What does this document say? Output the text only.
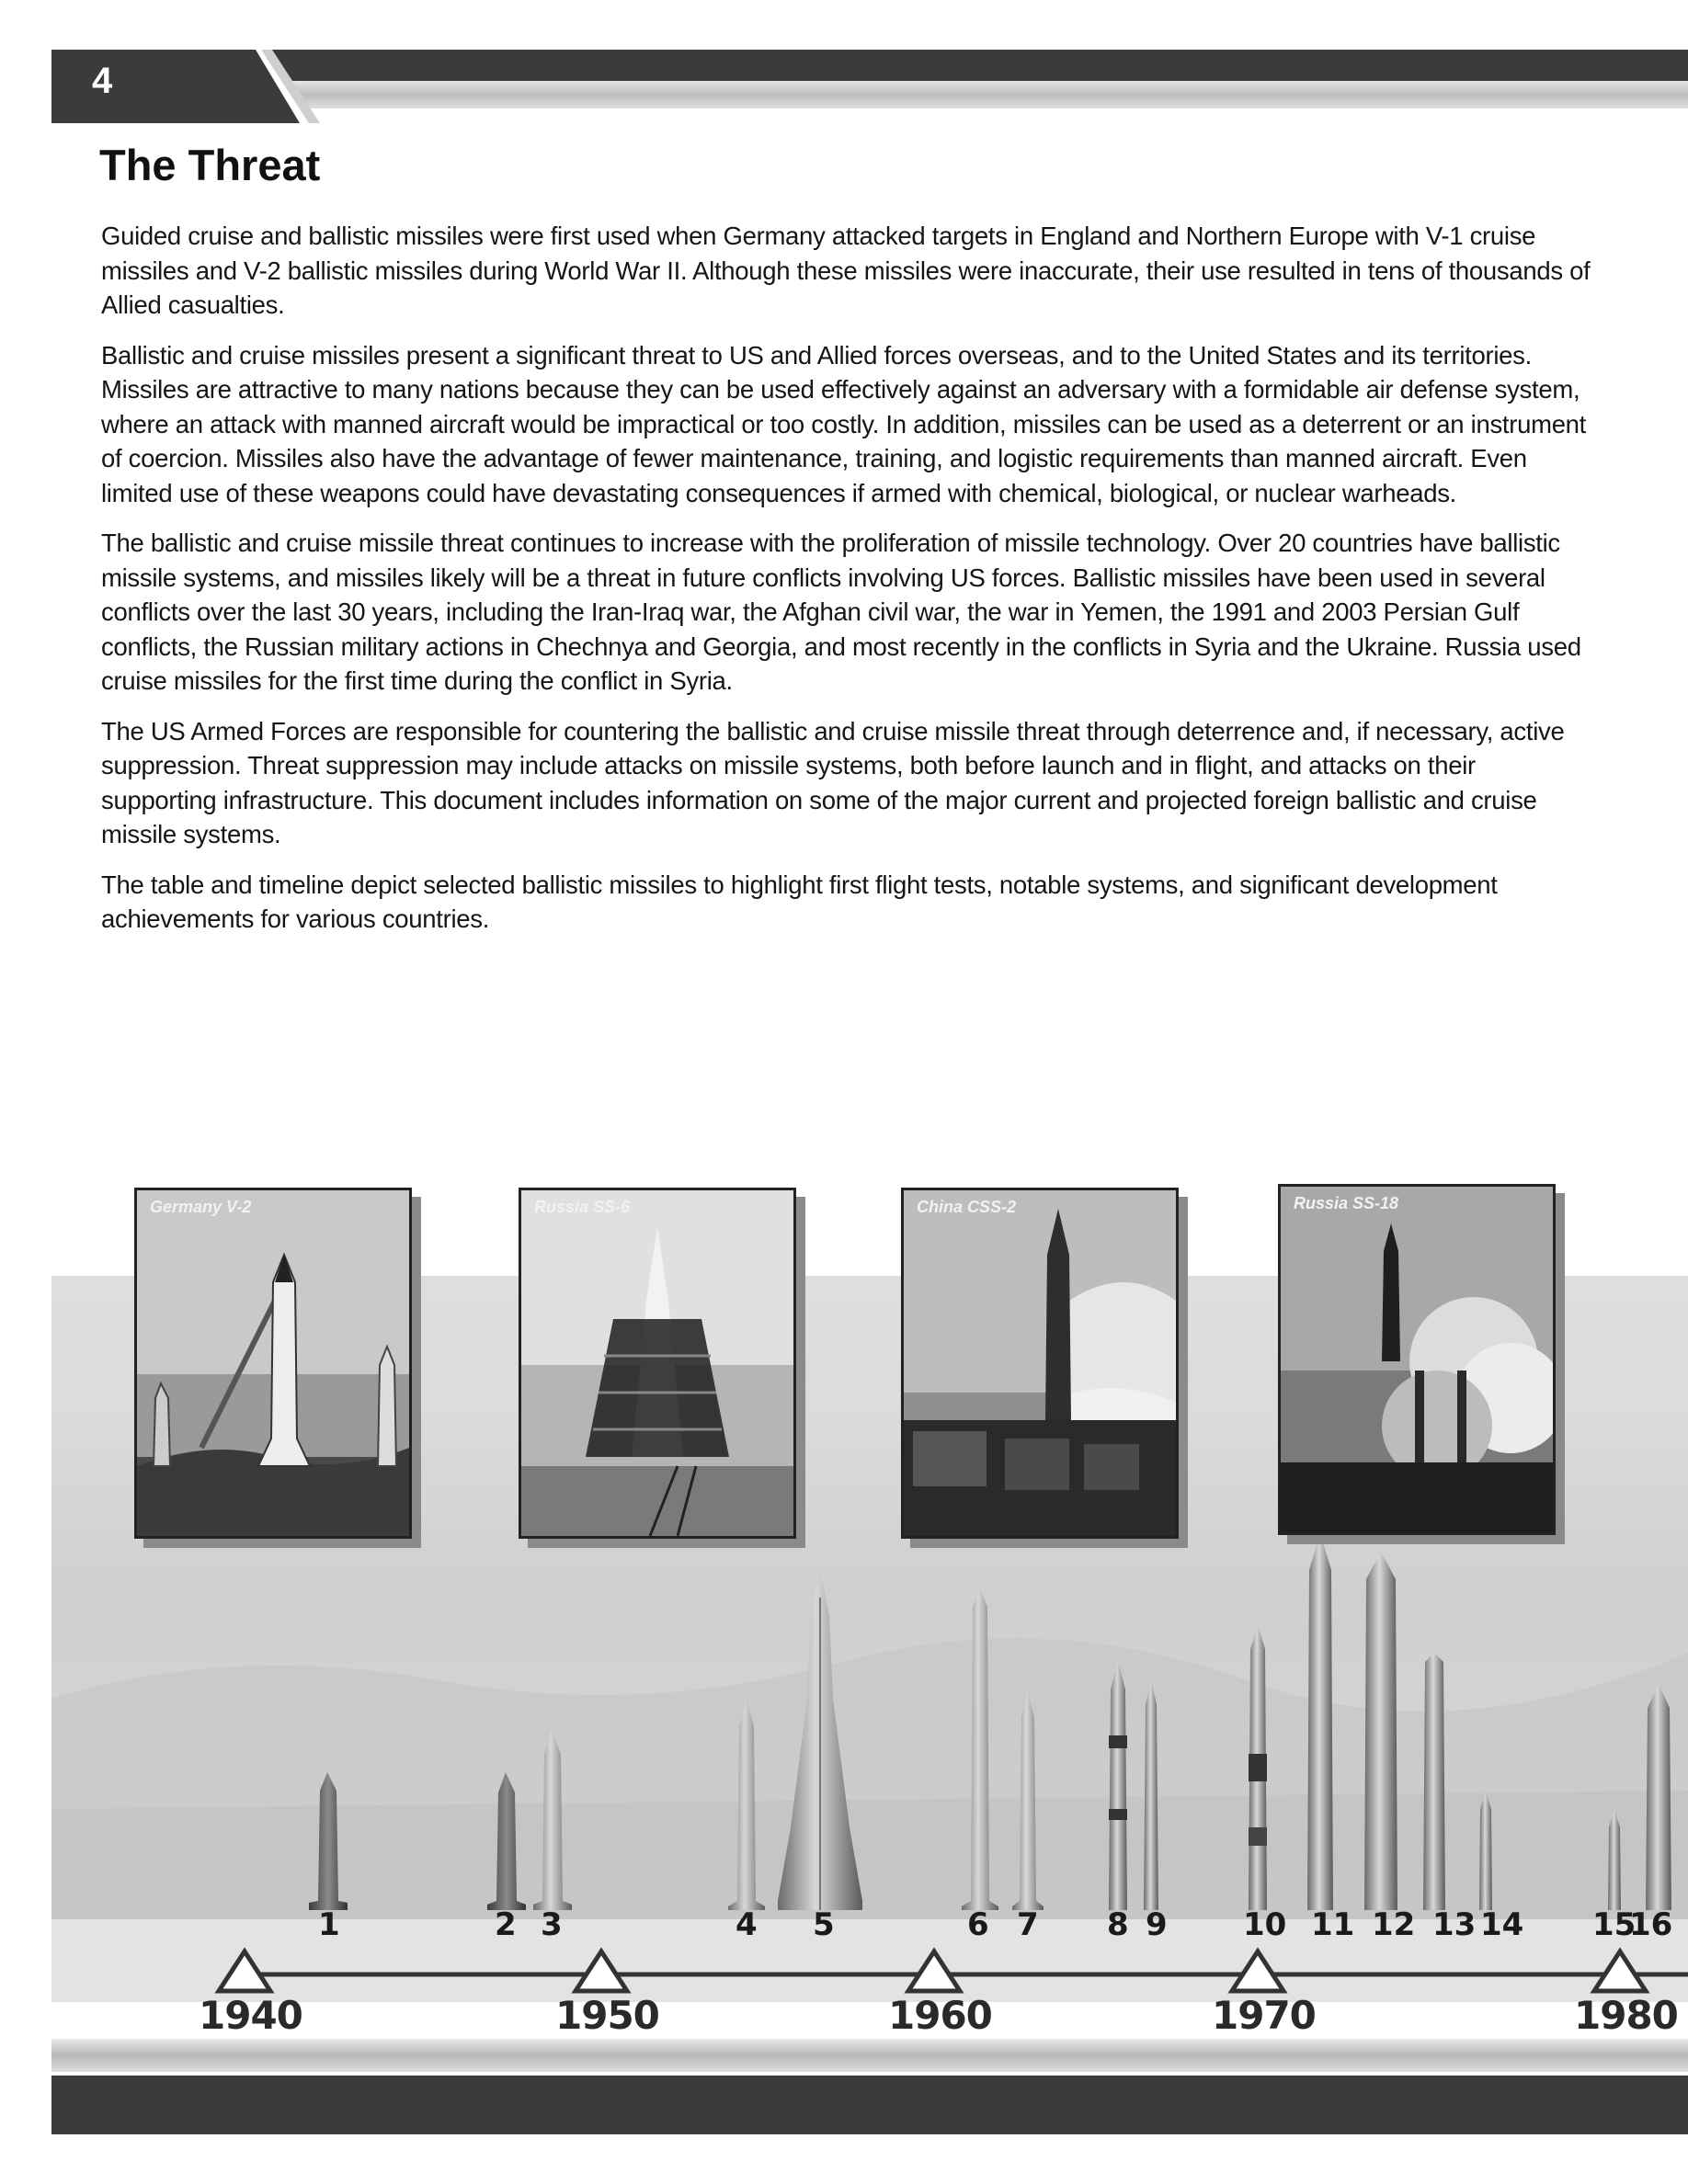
4
The Threat

Guided cruise and ballistic missiles were first used when Germany attacked targets in England and Northern Europe with V-1 cruise missiles and V-2 ballistic missiles during World War II. Although these missiles were inaccurate, their use resulted in tens of thousands of Allied casualties.

Ballistic and cruise missiles present a significant threat to US and Allied forces overseas, and to the United States and its territories. Missiles are attractive to many nations because they can be used effectively against an adversary with a formidable air defense system, where an attack with manned aircraft would be impractical or too costly. In addition, missiles can be used as a deterrent or an instrument of coercion. Missiles also have the advantage of fewer maintenance, training, and logistic requirements than manned aircraft. Even limited use of these weapons could have devastating consequences if armed with chemical, biological, or nuclear warheads.

The ballistic and cruise missile threat continues to increase with the proliferation of missile technology. Over 20 countries have ballistic missile systems, and missiles likely will be a threat in future conflicts involving US forces. Ballistic missiles have been used in several conflicts over the last 30 years, including the Iran-Iraq war, the Afghan civil war, the war in Yemen, the 1991 and 2003 Persian Gulf conflicts, the Russian military actions in Chechnya and Georgia, and most recently in the conflicts in Syria and the Ukraine. Russia used cruise missiles for the first time during the conflict in Syria.

The US Armed Forces are responsible for countering the ballistic and cruise missile threat through deterrence and, if necessary, active suppression. Threat suppression may include attacks on missile systems, both before launch and in flight, and attacks on their supporting infrastructure. This document includes information on some of the major current and projected foreign ballistic and cruise missile systems.

The table and timeline depict selected ballistic missiles to highlight first flight tests, notable systems, and significant development achievements for various countries.

Germany V-2	Russia SS-6	China CSS-2	Russia SS-18
1	2 3	4 5	6 7 8 9 10 11 12 13 14 15
16
1940	1950	1960	1970	1980
